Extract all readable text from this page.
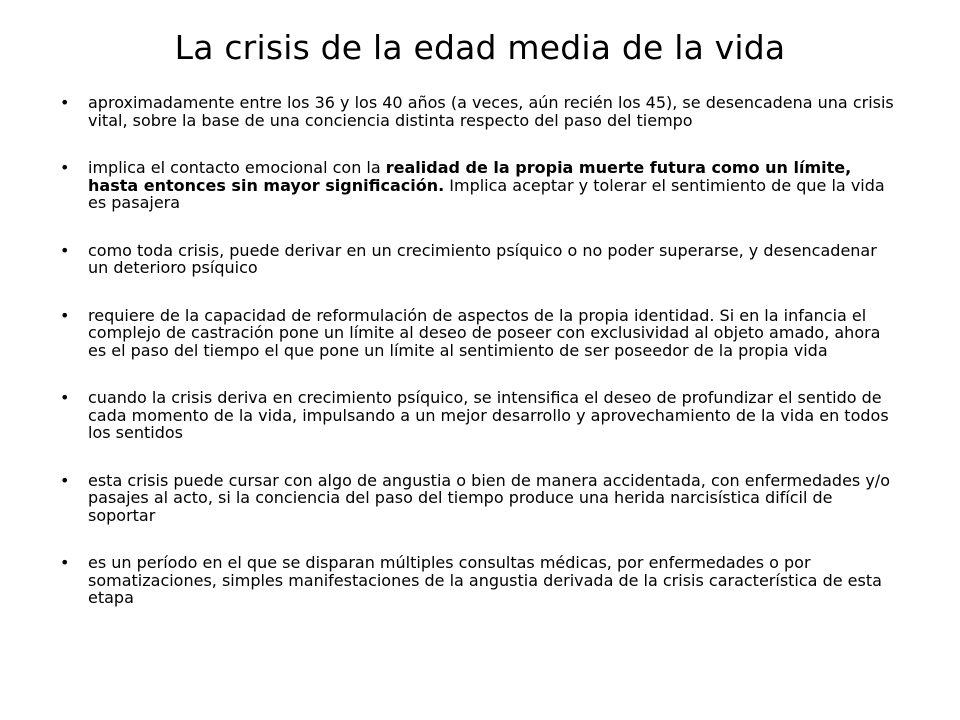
La crisis de la edad media de la vida
• aproximadamente entre los 36 y los 40 años (a veces, aún recién los 45), se desencadena una crisis vital, sobre la base de una conciencia distinta respecto del paso del tiempo
• implica el contacto emocional con la realidad de la propia muerte futura como un límite, hasta entonces sin mayor significación. Implica aceptar y tolerar el sentimiento de que la vida es pasajera
• como toda crisis, puede derivar en un crecimiento psíquico o no poder superarse, y desencadenar un deterioro psíquico
• requiere de la capacidad de reformulación de aspectos de la propia identidad. Si en la infancia el complejo de castración pone un límite al deseo de poseer con exclusividad al objeto amado, ahora es el paso del tiempo el que pone un límite al sentimiento de ser poseedor de la propia vida
• cuando la crisis deriva en crecimiento psíquico, se intensifica el deseo de profundizar el sentido de cada momento de la vida, impulsando a un mejor desarrollo y aprovechamiento de la vida en todos los sentidos
• esta crisis puede cursar con algo de angustia o bien de manera accidentada, con enfermedades y/o pasajes al acto, si la conciencia del paso del tiempo produce una herida narcisística difícil de soportar
• es un período en el que se disparan múltiples consultas médicas, por enfermedades o por somatizaciones, simples manifestaciones de la angustia derivada de la crisis característica de esta etapa
